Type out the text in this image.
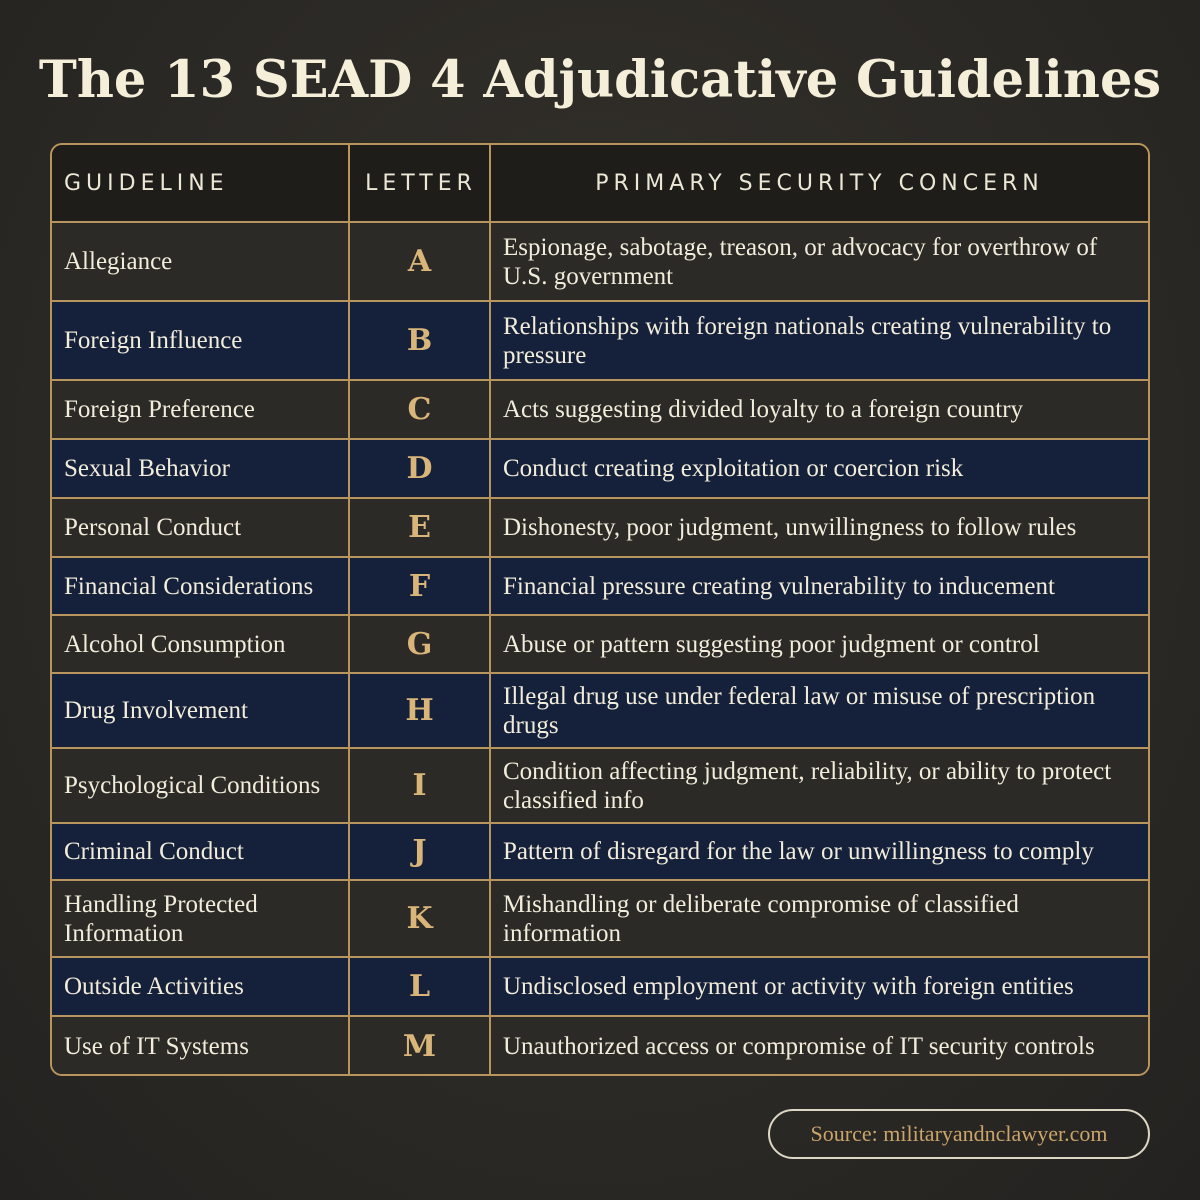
The 13 SEAD 4 Adjudicative Guidelines
GUIDELINE	LETTER	PRIMARY SECURITY CONCERN
Allegiance	A	Espionage, sabotage, treason, or advocacy for overthrow of U.S. government
Foreign Influence	B	Relationships with foreign nationals creating vulnerability to pressure
Foreign Preference	C	Acts suggesting divided loyalty to a foreign country
Sexual Behavior	D	Conduct creating exploitation or coercion risk
Personal Conduct	E	Dishonesty, poor judgment, unwillingness to follow rules
Financial Considerations	F	Financial pressure creating vulnerability to inducement
Alcohol Consumption	G	Abuse or pattern suggesting poor judgment or control
Drug Involvement	H	Illegal drug use under federal law or misuse of prescription drugs
Psychological Conditions	I	Condition affecting judgment, reliability, or ability to protect classified info
Criminal Conduct	J	Pattern of disregard for the law or unwillingness to comply
Handling Protected Information	K	Mishandling or deliberate compromise of classified information
Outside Activities	L	Undisclosed employment or activity with foreign entities
Use of IT Systems	M	Unauthorized access or compromise of IT security controls
Source: militaryandnclawyer.com
